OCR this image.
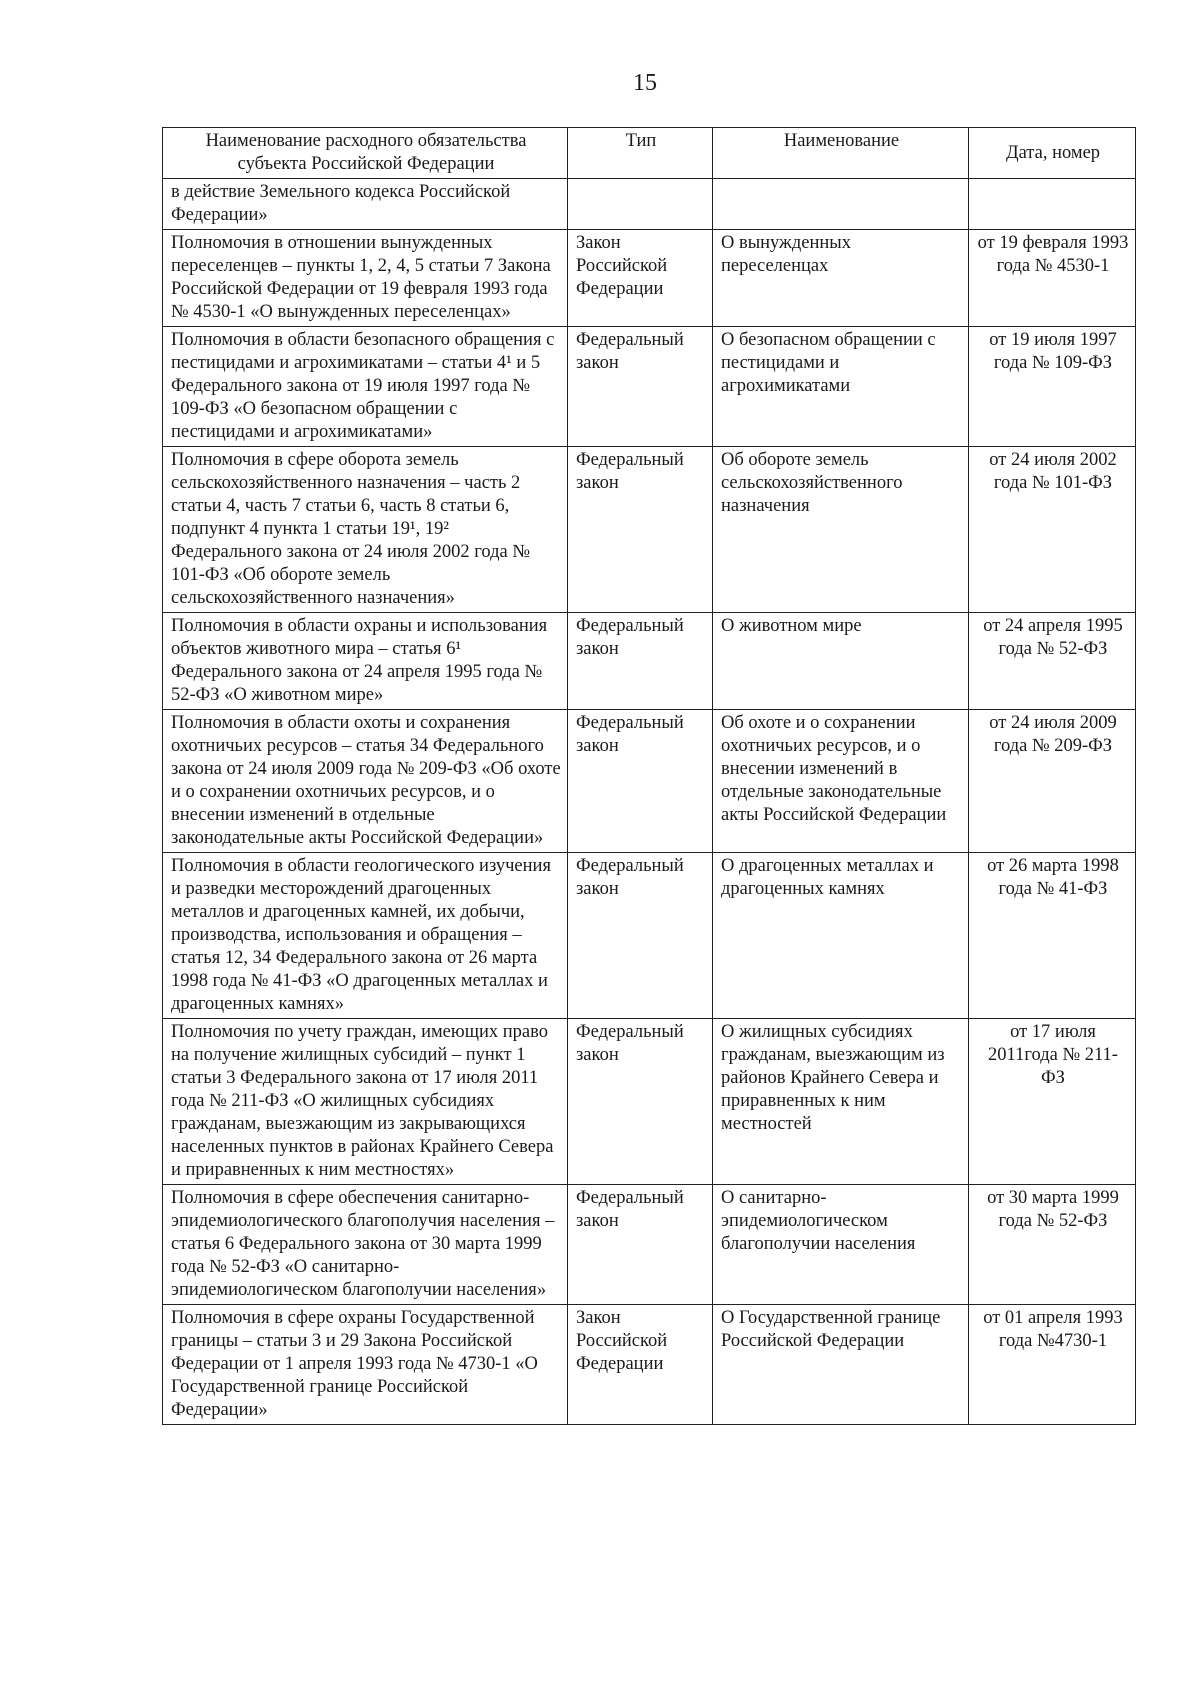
15
Наименование расходного обязательства субъекта Российской Федерации	Тип	Наименование	Дата, номер
в действие Земельного кодекса Российской Федерации»			
Полномочия в отношении вынужденных переселенцев – пункты 1, 2, 4, 5 статьи 7 Закона Российской Федерации от 19 февраля 1993 года № 4530-1 «О вынужденных переселенцах»	Закон Российской Федерации	О вынужденных переселенцах	от 19 февраля 1993 года № 4530-1
Полномочия в области безопасного обращения с пестицидами и агрохимикатами – статьи 4¹ и 5 Федерального закона от 19 июля 1997 года № 109-ФЗ «О безопасном обращении с пестицидами и агрохимикатами»	Федеральный закон	О безопасном обращении с пестицидами и агрохимикатами	от 19 июля 1997 года № 109-ФЗ
Полномочия в сфере оборота земель сельскохозяйственного назначения – часть 2 статьи 4, часть 7 статьи 6, часть 8 статьи 6, подпункт 4 пункта 1 статьи 19¹, 19² Федерального закона от 24 июля 2002 года № 101-ФЗ «Об обороте земель сельскохозяйственного назначения»	Федеральный закон	Об обороте земель сельскохозяйственного назначения	от 24 июля 2002 года № 101-ФЗ
Полномочия в области охраны и использования объектов животного мира – статья 6¹ Федерального закона от 24 апреля 1995 года № 52-ФЗ «О животном мире»	Федеральный закон	О животном мире	от 24 апреля 1995 года № 52-ФЗ
Полномочия в области охоты и сохранения охотничьих ресурсов – статья 34 Федерального закона от 24 июля 2009 года № 209-ФЗ «Об охоте и о сохранении охотничьих ресурсов, и о внесении изменений в отдельные законодательные акты Российской Федерации»	Федеральный закон	Об охоте и о сохранении охотничьих ресурсов, и о внесении изменений в отдельные законодательные акты Российской Федерации	от 24 июля 2009 года № 209-ФЗ
Полномочия в области геологического изучения и разведки месторождений драгоценных металлов и драгоценных камней, их добычи, производства, использования и обращения – статья 12, 34 Федерального закона от 26 марта 1998 года № 41-ФЗ «О драгоценных металлах и драгоценных камнях»	Федеральный закон	О драгоценных металлах и драгоценных камнях	от 26 марта 1998 года № 41-ФЗ
Полномочия по учету граждан, имеющих право на получение жилищных субсидий – пункт 1 статьи 3 Федерального закона от 17 июля 2011 года № 211-ФЗ «О жилищных субсидиях гражданам, выезжающим из закрывающихся населенных пунктов в районах Крайнего Севера и приравненных к ним местностях»	Федеральный закон	О жилищных субсидиях гражданам, выезжающим из районов Крайнего Севера и приравненных к ним местностей	от 17 июля 2011года № 211-ФЗ
Полномочия в сфере обеспечения санитарно-эпидемиологического благополучия населения – статья 6 Федерального закона от 30 марта 1999 года № 52-ФЗ «О санитарно-эпидемиологическом благополучии населения»	Федеральный закон	О санитарно-эпидемиологическом благополучии населения	от 30 марта 1999 года № 52-ФЗ
Полномочия в сфере охраны Государственной границы – статьи 3 и 29 Закона Российской Федерации от 1 апреля 1993 года № 4730-1 «О Государственной границе Российской Федерации»	Закон Российской Федерации	О Государственной границе Российской Федерации	от 01 апреля 1993 года №4730-1
